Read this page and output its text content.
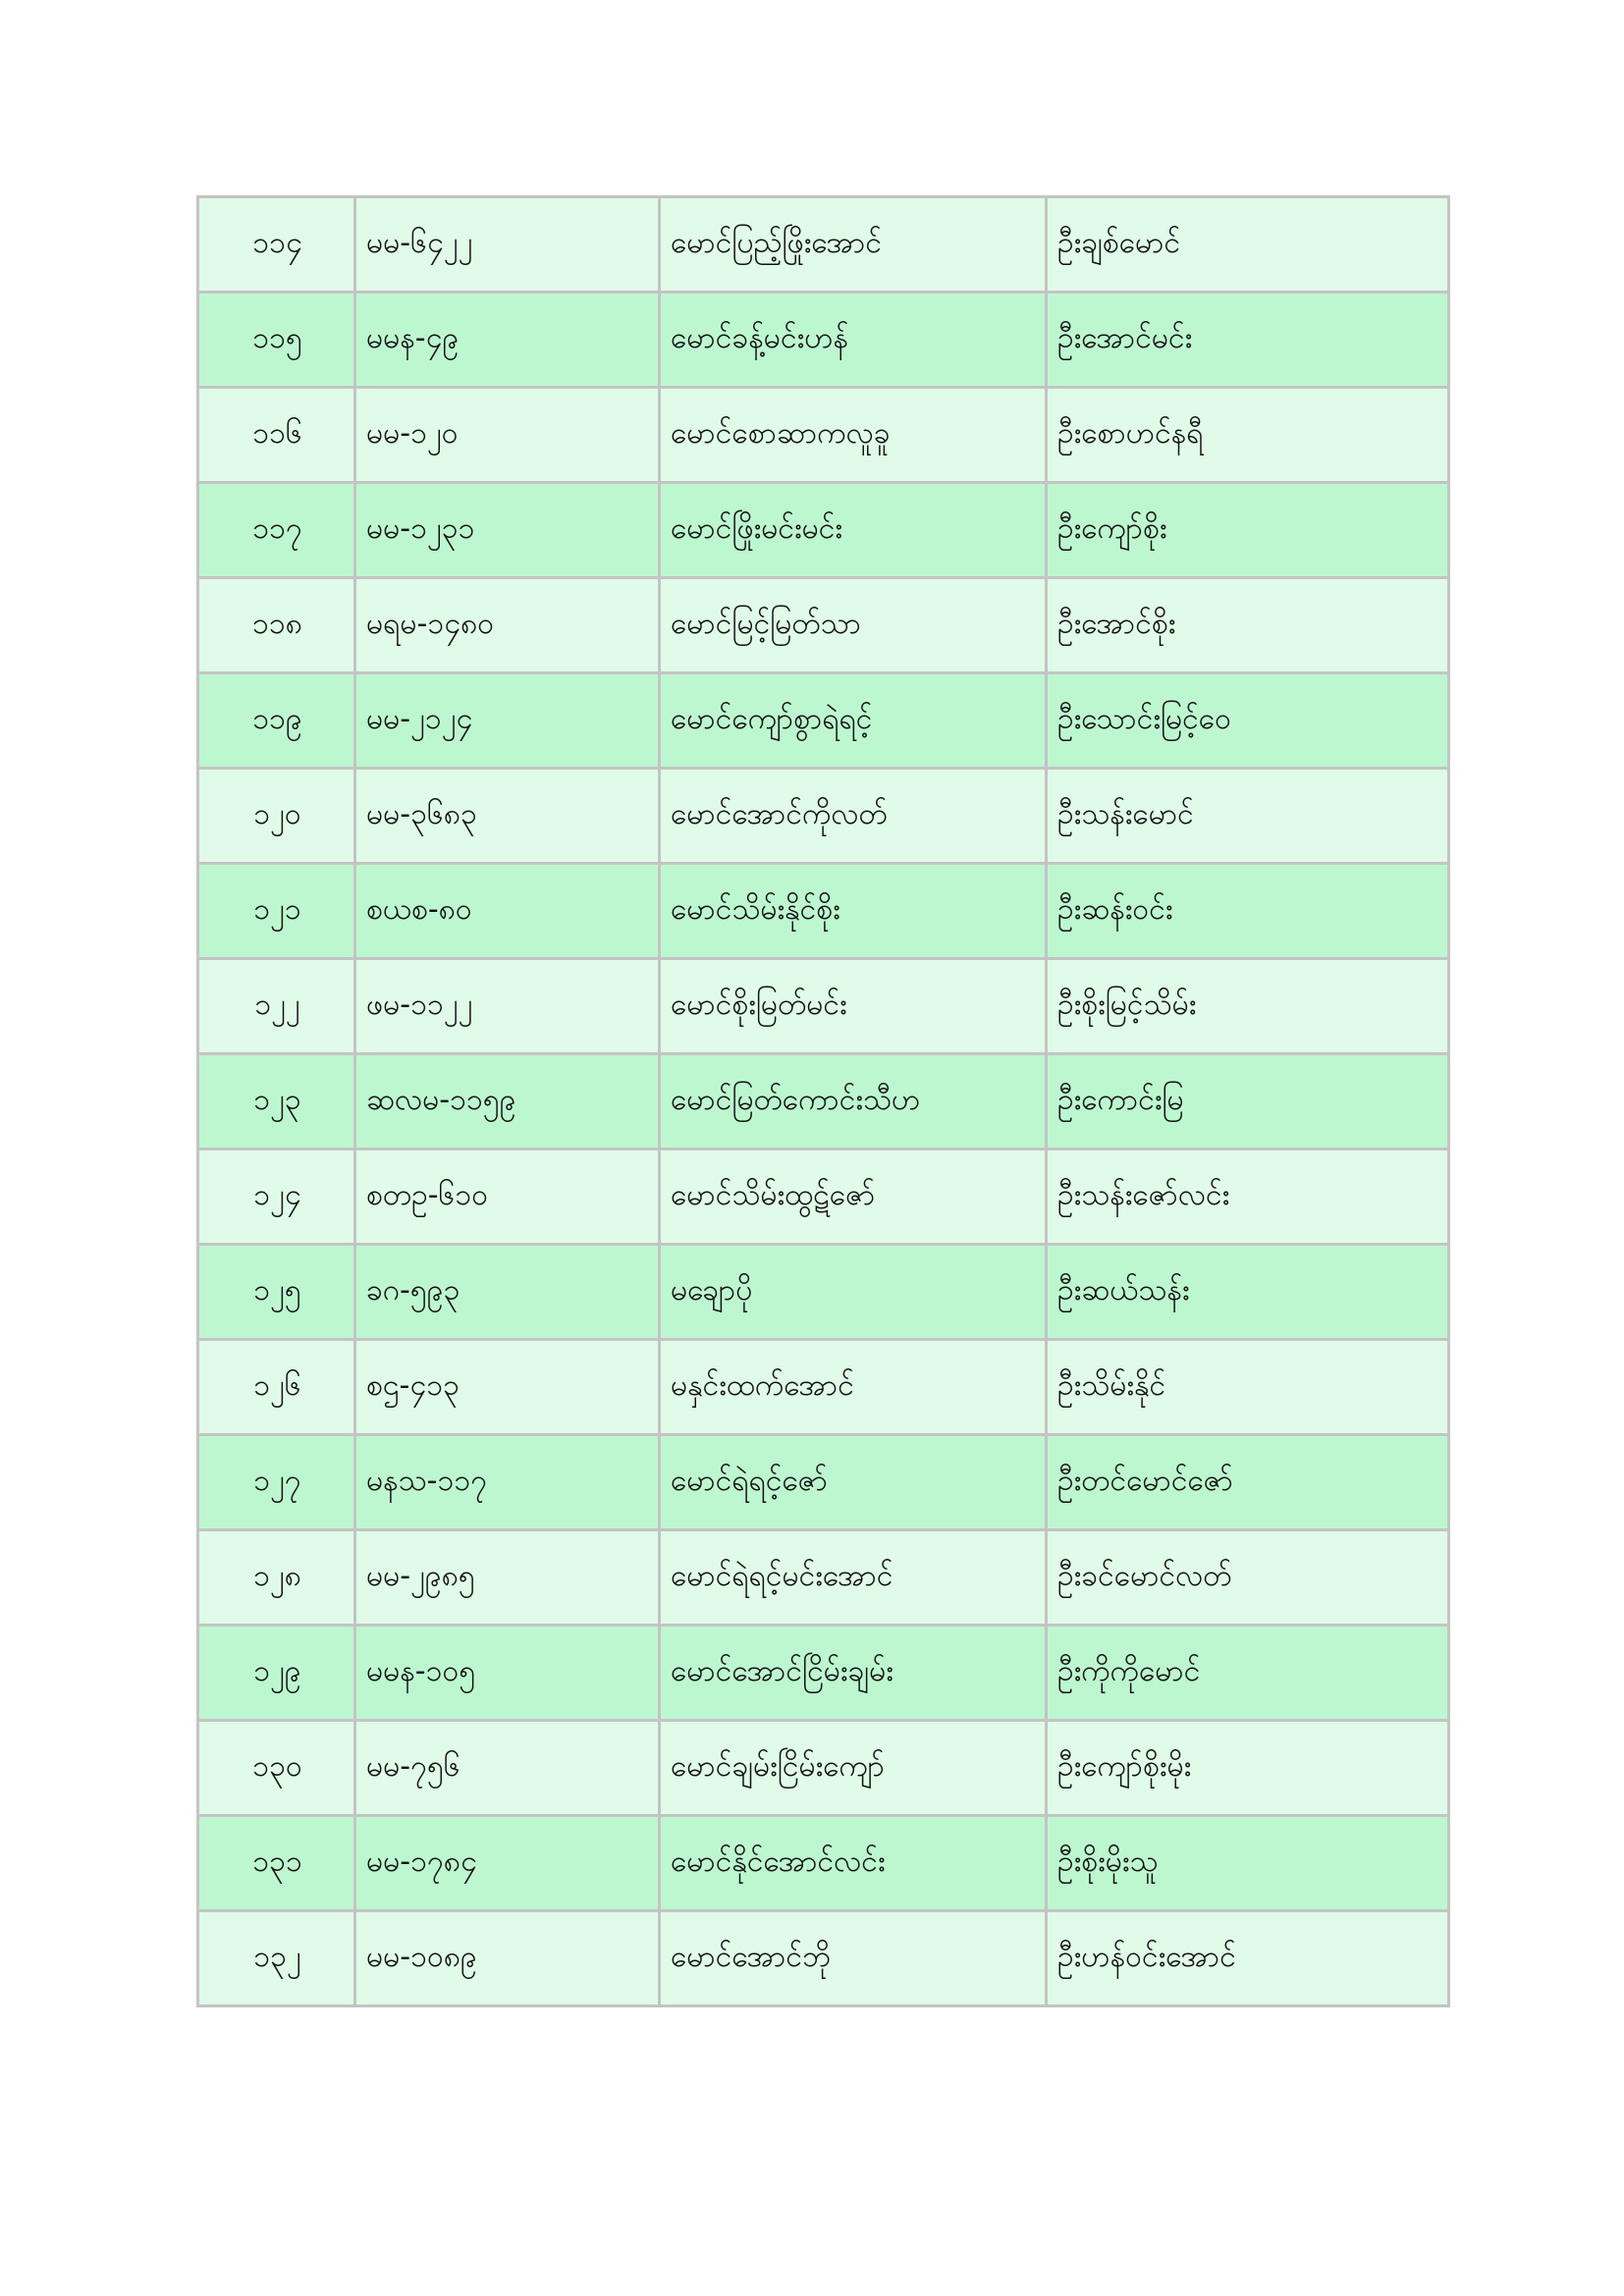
၁၁၄	မမ-၆၄၂၂	မောင်ပြည့်ဖြိုးအောင်	ဦးချစ်မောင်
၁၁၅	မမန-၄၉	မောင်ခန့်မင်းဟန်	ဦးအောင်မင်း
၁၁၆	မမ-၁၂၀	မောင်စောဆာကလူခူ	ဦးစောဟင်နရီ
၁၁၇	မမ-၁၂၃၁	မောင်ဖြိုးမင်းမင်း	ဦးကျော်စိုး
၁၁၈	မရမ-၁၄၈၀	မောင်မြင့်မြတ်သာ	ဦးအောင်စိုး
၁၁၉	မမ-၂၁၂၄	မောင်ကျော်စွာရဲရင့်	ဦးသောင်းမြင့်ဝေ
၁၂၀	မမ-၃၆၈၃	မောင်အောင်ကိုလတ်	ဦးသန်းမောင်
၁၂၁	စယစ-၈၀	မောင်သိမ်းနိုင်စိုး	ဦးဆန်းဝင်း
၁၂၂	ဖမ-၁၁၂၂	မောင်စိုးမြတ်မင်း	ဦးစိုးမြင့်သိမ်း
၁၂၃	ဆလမ-၁၁၅၉	မောင်မြတ်ကောင်းသီဟ	ဦးကောင်းမြ
၁၂၄	စတဥ-၆၁၀	မောင်သိမ်းထွဋ်ဇော်	ဦးသန်းဇော်လင်း
၁၂၅	ခဂ-၅၉၃	မချောပို	ဦးဆယ်သန်း
၁၂၆	စဌ-၄၁၃	မနှင်းထက်အောင်	ဦးသိမ်းနိုင်
၁၂၇	မနသ-၁၁၇	မောင်ရဲရင့်ဇော်	ဦးတင်မောင်ဇော်
၁၂၈	မမ-၂၉၈၅	မောင်ရဲရင့်မင်းအောင်	ဦးခင်မောင်လတ်
၁၂၉	မမန-၁၀၅	မောင်အောင်ငြိမ်းချမ်း	ဦးကိုကိုမောင်
၁၃၀	မမ-၇၅၆	မောင်ချမ်းငြိမ်းကျော်	ဦးကျော်စိုးမိုး
၁၃၁	မမ-၁၇၈၄	မောင်နိုင်အောင်လင်း	ဦးစိုးမိုးသူ
၁၃၂	မမ-၁၀၈၉	မောင်အောင်ဘို	ဦးဟန်ဝင်းအောင်
